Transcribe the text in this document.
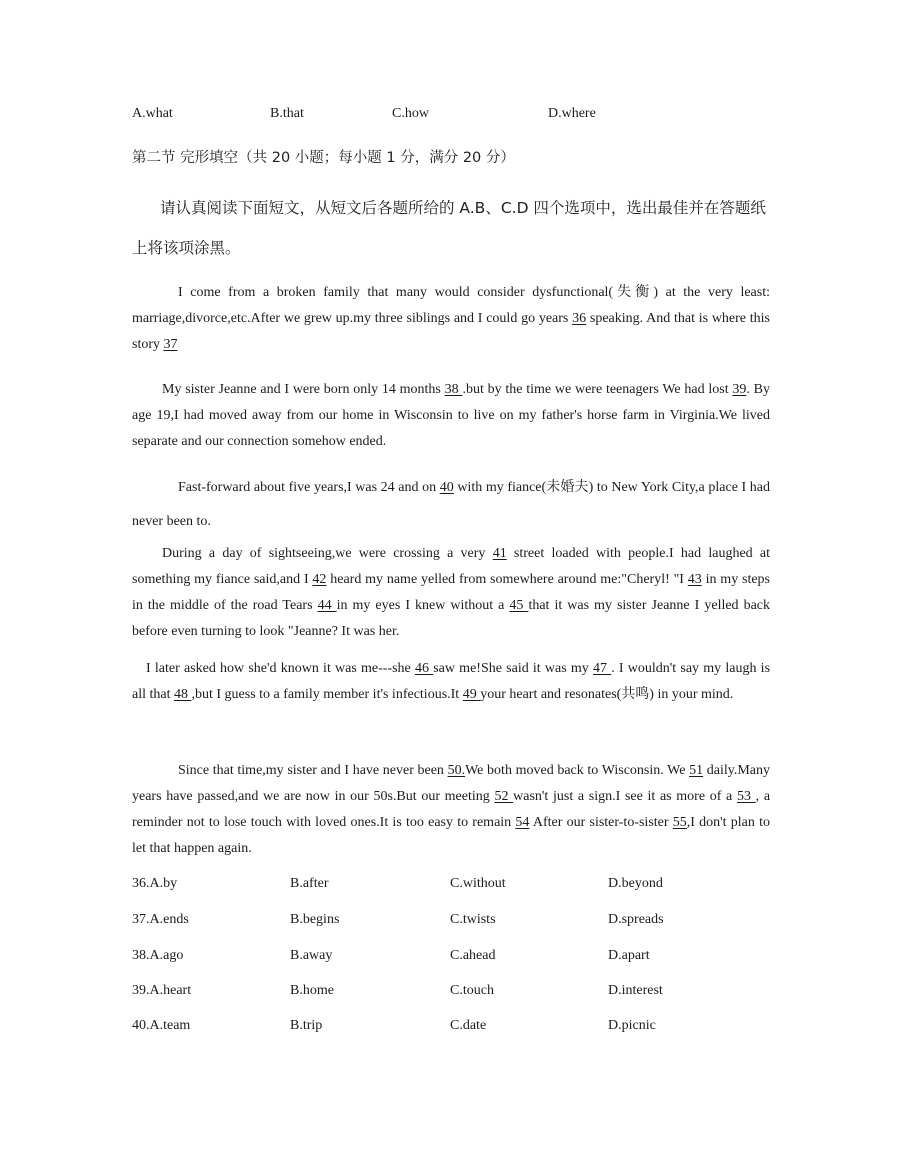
A.what	B.that	C.how	D.where
第二节 完形填空（共 20 小题；每小题 1 分，满分 20 分）
请认真阅读下面短文，从短文后各题所给的 A.B、C.D 四个选项中，选出最佳并在答题纸
上将该项涂黑。
I come from a broken family that many would consider dysfunctional(失衡) at the very least: marriage,divorce,etc.After we grew up.my three siblings and I could go years 36 speaking. And that is where this story 37
My sister Jeanne and I were born only 14 months 38 .but by the time we were teenagers We had lost 39. By age 19,I had moved away from our home in Wisconsin to live on my father's horse farm in Virginia.We lived separate and our connection somehow ended.
Fast-forward about five years,I was 24 and on 40 with my fiance(未婚夫) to New York City,a place I had never been to.
During a day of sightseeing,we were crossing a very 41 street loaded with people.I had laughed at something my fiance said,and I 42 heard my name yelled from somewhere around me:"Cheryl! "I 43 in my steps in the middle of the road Tears 44 in my eyes I knew without a 45 that it was my sister Jeanne I yelled back before even turning to look "Jeanne? It was her.
I later asked how she'd known it was me---she 46 saw me!She said it was my 47 . I wouldn't say my laugh is all that 48 ,but I guess to a family member it's infectious.It 49 your heart and resonates(共鸣) in your mind.
Since that time,my sister and I have never been 50.We both moved back to Wisconsin. We 51 daily.Many years have passed,and we are now in our 50s.But our meeting 52 wasn't just a sign.I see it as more of a 53 , a reminder not to lose touch with loved ones.It is too easy to remain 54 After our sister-to-sister 55,I don't plan to let that happen again.
36.A.by	B.after	C.without	D.beyond
37.A.ends	B.begins	C.twists	D.spreads
38.A.ago	B.away	C.ahead	D.apart
39.A.heart	B.home	C.touch	D.interest
40.A.team	B.trip	C.date	D.picnic
